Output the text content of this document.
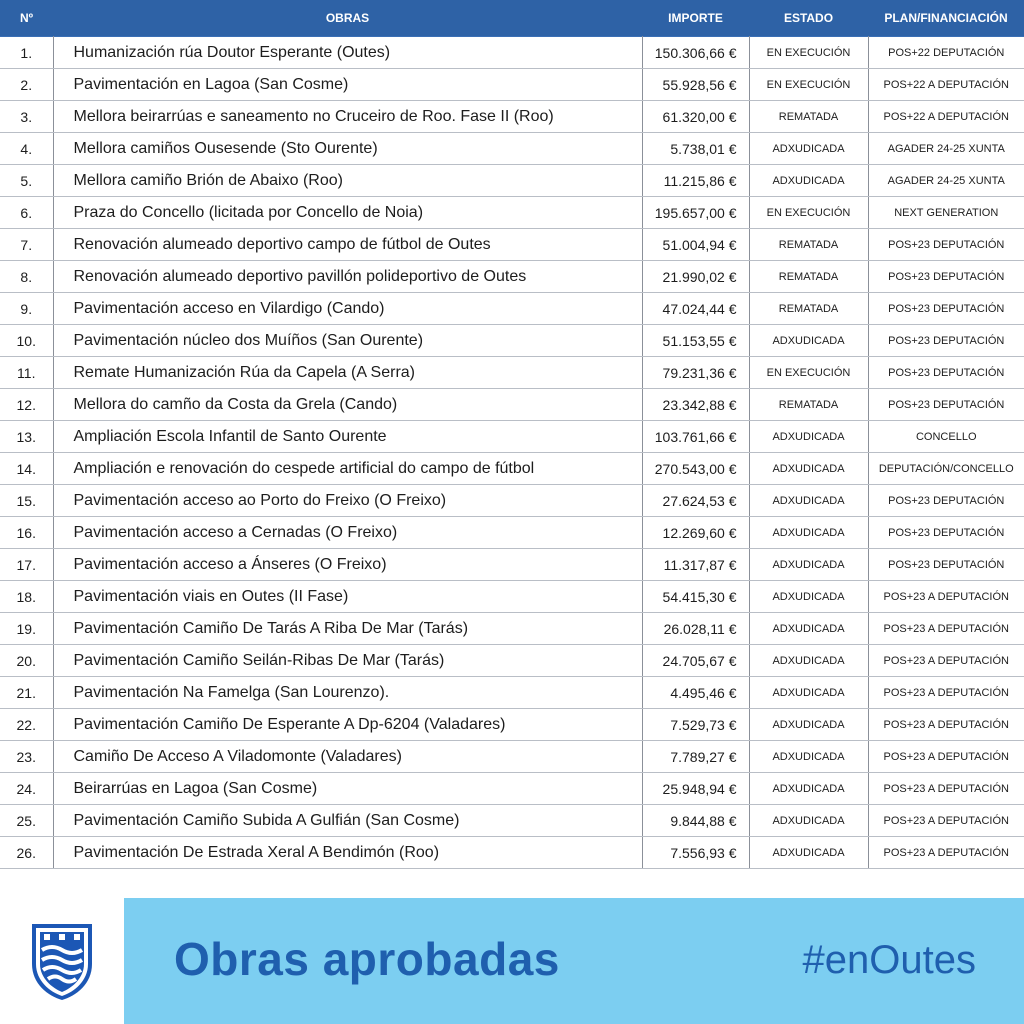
Nº	OBRAS	IMPORTE	ESTADO	PLAN/FINANCIACIÓN
1.	Humanización rúa Doutor Esperante (Outes)	150.306,66 €	EN EXECUCIÓN	POS+22 DEPUTACIÓN
2.	Pavimentación en Lagoa (San Cosme)	55.928,56 €	EN EXECUCIÓN	POS+22 A DEPUTACIÓN
3.	Mellora beirarrúas e saneamento no Cruceiro de Roo. Fase II (Roo)	61.320,00 €	REMATADA	POS+22 A DEPUTACIÓN
4.	Mellora camiños Ousesende (Sto Ourente)	5.738,01 €	ADXUDICADA	AGADER 24-25 XUNTA
5.	Mellora camiño Brión de Abaixo (Roo)	11.215,86 €	ADXUDICADA	AGADER 24-25 XUNTA
6.	Praza do Concello (licitada por Concello de Noia)	195.657,00 €	EN EXECUCIÓN	NEXT GENERATION
7.	Renovación alumeado deportivo campo de fútbol de Outes	51.004,94 €	REMATADA	POS+23 DEPUTACIÓN
8.	Renovación alumeado deportivo pavillón polideportivo de Outes	21.990,02 €	REMATADA	POS+23 DEPUTACIÓN
9.	Pavimentación acceso en Vilardigo (Cando)	47.024,44 €	REMATADA	POS+23 DEPUTACIÓN
10.	Pavimentación núcleo dos Muíños (San Ourente)	51.153,55 €	ADXUDICADA	POS+23 DEPUTACIÓN
11.	Remate Humanización Rúa da Capela (A Serra)	79.231,36 €	EN EXECUCIÓN	POS+23 DEPUTACIÓN
12.	Mellora do camño da Costa da Grela (Cando)	23.342,88 €	REMATADA	POS+23 DEPUTACIÓN
13.	Ampliación Escola Infantil de Santo Ourente	103.761,66 €	ADXUDICADA	CONCELLO
14.	Ampliación e renovación do cespede artificial do campo de fútbol	270.543,00 €	ADXUDICADA	DEPUTACIÓN/CONCELLO
15.	Pavimentación acceso ao Porto do Freixo (O Freixo)	27.624,53 €	ADXUDICADA	POS+23 DEPUTACIÓN
16.	Pavimentación acceso a Cernadas (O Freixo)	12.269,60 €	ADXUDICADA	POS+23 DEPUTACIÓN
17.	Pavimentación acceso a Ánseres (O Freixo)	11.317,87 €	ADXUDICADA	POS+23 DEPUTACIÓN
18.	Pavimentación viais en Outes (II Fase)	54.415,30 €	ADXUDICADA	POS+23 A DEPUTACIÓN
19.	Pavimentación Camiño De Tarás A Riba De Mar (Tarás)	26.028,11 €	ADXUDICADA	POS+23 A DEPUTACIÓN
20.	Pavimentación Camiño Seilán-Ribas De Mar (Tarás)	24.705,67 €	ADXUDICADA	POS+23 A DEPUTACIÓN
21.	Pavimentación Na Famelga (San Lourenzo).	4.495,46 €	ADXUDICADA	POS+23 A DEPUTACIÓN
22.	Pavimentación Camiño De Esperante A Dp-6204 (Valadares)	7.529,73 €	ADXUDICADA	POS+23 A DEPUTACIÓN
23.	Camiño De Acceso A Viladomonte (Valadares)	7.789,27 €	ADXUDICADA	POS+23 A DEPUTACIÓN
24.	Beirarrúas en Lagoa (San Cosme)	25.948,94 €	ADXUDICADA	POS+23 A DEPUTACIÓN
25.	Pavimentación Camiño Subida A Gulfián (San Cosme)	9.844,88 €	ADXUDICADA	POS+23 A DEPUTACIÓN
26.	Pavimentación De Estrada Xeral A Bendimón (Roo)	7.556,93 €	ADXUDICADA	POS+23 A DEPUTACIÓN
Obras aprobadas	#enOutes
